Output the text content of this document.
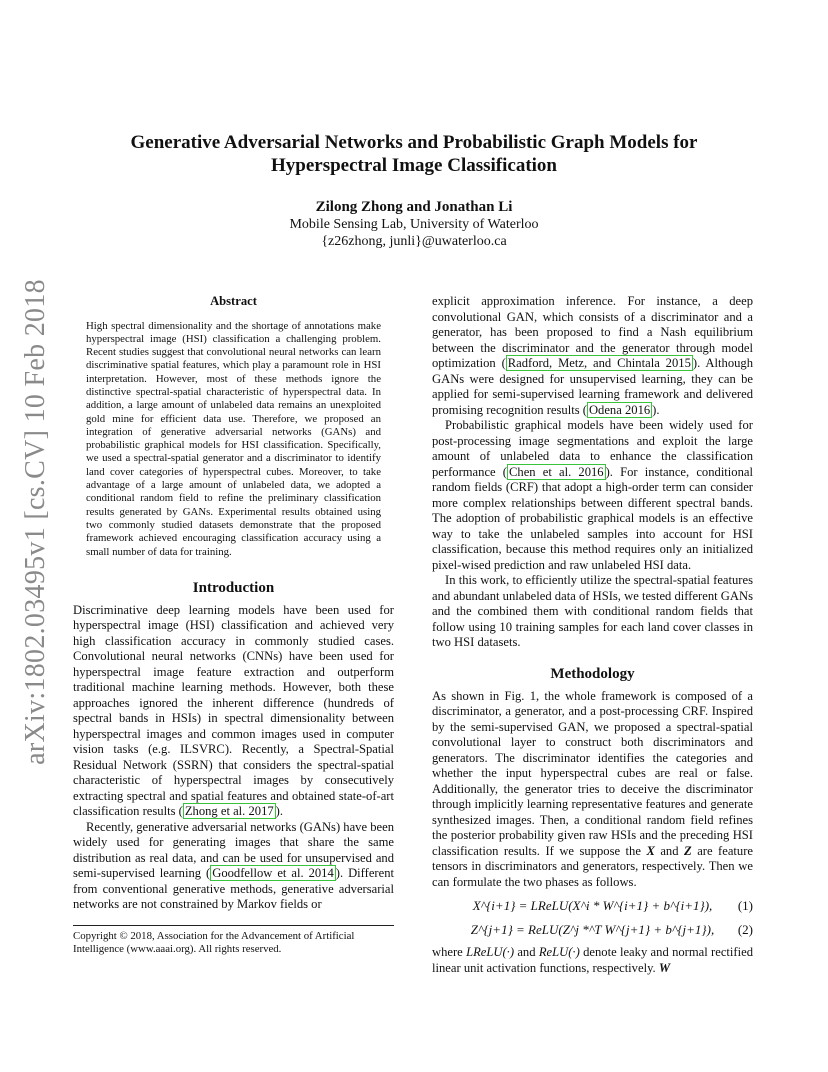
arXiv:1802.03495v1 [cs.CV] 10 Feb 2018
Generative Adversarial Networks and Probabilistic Graph Models for
Hyperspectral Image Classification
Zilong Zhong and Jonathan Li
Mobile Sensing Lab, University of Waterloo
{z26zhong, junli}@uwaterloo.ca
Abstract

High spectral dimensionality and the shortage of annotations make hyperspectral image (HSI) classification a challenging problem. Recent studies suggest that convolutional neural networks can learn discriminative spatial features, which play a paramount role in HSI interpretation. However, most of these methods ignore the distinctive spectral-spatial characteristic of hyperspectral data. In addition, a large amount of unlabeled data remains an unexploited gold mine for efficient data use. Therefore, we proposed an integration of generative adversarial networks (GANs) and probabilistic graphical models for HSI classification. Specifically, we used a spectral-spatial generator and a discriminator to identify land cover categories of hyperspectral cubes. Moreover, to take advantage of a large amount of unlabeled data, we adopted a conditional random field to refine the preliminary classification results generated by GANs. Experimental results obtained using two commonly studied datasets demonstrate that the proposed framework achieved encouraging classification accuracy using a small number of data for training.

Introduction

Discriminative deep learning models have been used for hyperspectral image (HSI) classification and achieved very high classification accuracy in commonly studied cases. Convolutional neural networks (CNNs) have been used for hyperspectral image feature extraction and outperform traditional machine learning methods. However, both these approaches ignored the inherent difference (hundreds of spectral bands in HSIs) in spectral dimensionality between hyperspectral images and common images used in computer vision tasks (e.g. ILSVRC). Recently, a Spectral-Spatial Residual Network (SSRN) that considers the spectral-spatial characteristic of hyperspectral images by consecutively extracting spectral and spatial features and obtained state-of-art classification results ( Zhong et al. 2017 ).

Recently, generative adversarial networks (GANs) have been widely used for generating images that share the same distribution as real data, and can be used for unsupervised and semi-supervised learning ( Goodfellow et al. 2014 ). Different from conventional generative methods, generative adversarial networks are not constrained by Markov fields or

Copyright © 2018, Association for the Advancement of Artificial Intelligence (www.aaai.org). All rights reserved.

explicit approximation inference. For instance, a deep convolutional GAN, which consists of a discriminator and a generator, has been proposed to find a Nash equilibrium between the discriminator and the generator through model optimization ( Radford, Metz, and Chintala 2015 ). Although GANs were designed for unsupervised learning, they can be applied for semi-supervised learning framework and delivered promising recognition results ( Odena 2016 ).

Probabilistic graphical models have been widely used for post-processing image segmentations and exploit the large amount of unlabeled data to enhance the classification performance ( Chen et al. 2016 ). For instance, conditional random fields (CRF) that adopt a high-order term can consider more complex relationships between different spectral bands. The adoption of probabilistic graphical models is an effective way to take the unlabeled samples into account for HSI classification, because this method requires only an initialized pixel-wised prediction and raw unlabeled HSI data.

In this work, to efficiently utilize the spectral-spatial features and abundant unlabeled data of HSIs, we tested different GANs and the combined them with conditional random fields that follow using 10 training samples for each land cover classes in two HSI datasets.

Methodology

As shown in Fig. 1, the whole framework is composed of a discriminator, a generator, and a post-processing CRF. Inspired by the semi-supervised GAN, we proposed a spectral-spatial convolutional layer to construct both discriminators and generators. The discriminator identifies the categories and whether the input hyperspectral cubes are real or false. Additionally, the generator tries to deceive the discriminator through implicitly learning representative features and generate synthesized images. Then, a conditional random field refines the posterior probability given raw HSIs and the preceding HSI classification results. If we suppose the X and Z are feature tensors in discriminators and generators, respectively. Then we can formulate the two phases as follows.

X^{i+1} = LReLU(X^i * W^{i+1} + b^{i+1}),	(1)
Z^{j+1} = ReLU(Z^j *^T W^{j+1} + b^{j+1}),	(2)

where LReLU(·) and ReLU(·) denote leaky and normal rectified linear unit activation functions, respectively. W
